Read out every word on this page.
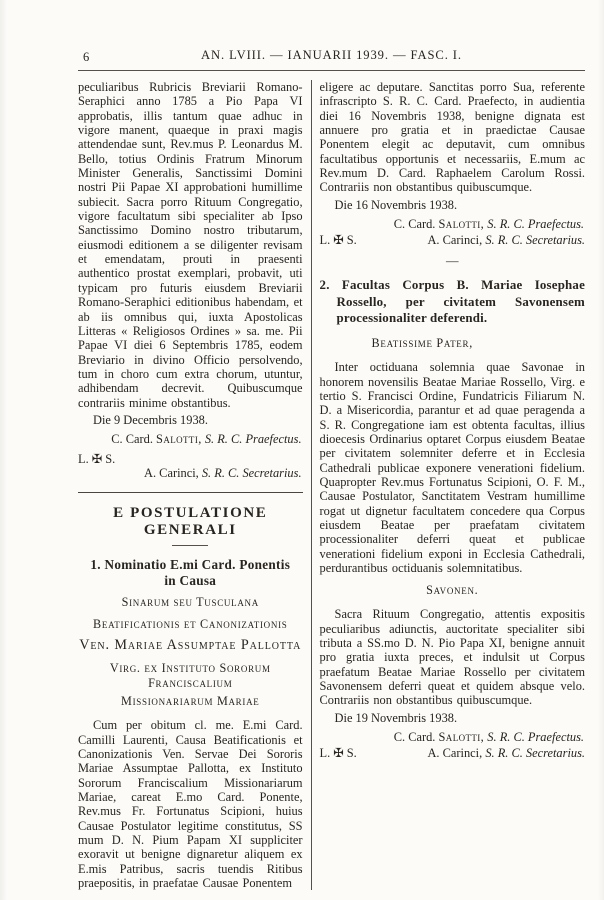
6	AN. LVIII. — IANUARII 1939. — FASC. I.

peculiaribus Rubricis Breviarii Romano-Seraphici anno 1785 a Pio Papa VI approbatis, illis tantum quae adhuc in vigore manent, quaeque in praxi magis attendendae sunt, Rev.mus P. Leonardus M. Bello, totius Ordinis Fratrum Minorum Minister Generalis, Sanctissimi Domini nostri Pii Papae XI approbationi humillime subiecit. Sacra porro Rituum Congregatio, vigore facultatum sibi specialiter ab Ipso Sanctissimo Domino nostro tributarum, eiusmodi editionem a se diligenter revisam et emendatam, prouti in praesenti authentico prostat exemplari, probavit, uti typicam pro futuris eiusdem Breviarii Romano-Seraphici editionibus habendam, et ab iis omnibus qui, iuxta Apostolicas Litteras « Religiosos Ordines » sa. me. Pii Papae VI diei 6 Septembris 1785, eodem Breviario in divino Officio persolvendo, tum in choro cum extra chorum, utuntur, adhibendam decrevit. Quibuscumque contrariis minime obstantibus.

Die 9 Decembris 1938.

C. Card. Salotti, S. R. C. Praefectus.

L. ✠ S.

A. Carinci, S. R. C. Secretarius.

E POSTULATIONE GENERALI
1. Nominatio E.mi Card. Ponentis
in Causa

Sinarum seu Tusculana

Beatificationis et Canonizationis

Ven. Mariae Assumptae Pallotta

Virg. ex Instituto Sororum Franciscalium

Missionariarum Mariae

Cum per obitum cl. me. E.mi Card. Camilli Laurenti, Causa Beatificationis et Canonizationis Ven. Servae Dei Sororis Mariae Assumptae Pallotta, ex Instituto Sororum Franciscalium Missionariarum Mariae, careat E.mo Card. Ponente, Rev.mus Fr. Fortunatus Scipioni, huius Causae Postulator legitime constitutus, SS mum D. N. Pium Papam XI suppliciter exoravit ut benigne dignaretur aliquem ex E.mis Patribus, sacris tuendis Ritibus praepositis, in praefatae Causae Ponentem

eligere ac deputare. Sanctitas porro Sua, referente infrascripto S. R. C. Card. Praefecto, in audientia diei 16 Novembris 1938, benigne dignata est annuere pro gratia et in praedictae Causae Ponentem elegit ac deputavit, cum omnibus facultatibus opportunis et necessariis, E.mum ac Rev.mum D. Card. Raphaelem Carolum Rossi. Contrariis non obstantibus quibuscumque.

Die 16 Novembris 1938.

C. Card. Salotti, S. R. C. Praefectus.

L. ✠ S.	A. Carinci, S. R. C. Secretarius.

—
2. Facultas Corpus B. Mariae Iosephae Rossello, per civitatem Savonensem processionaliter deferendi.

Beatissime Pater,

Inter octiduana solemnia quae Savonae in honorem novensilis Beatae Mariae Rossello, Virg. e tertio S. Francisci Ordine, Fundatricis Filiarum N. D. a Misericordia, parantur et ad quae peragenda a S. R. Congregatione iam est obtenta facultas, illius dioecesis Ordinarius optaret Corpus eiusdem Beatae per civitatem solemniter deferre et in Ecclesia Cathedrali publicae exponere venerationi fidelium. Quapropter Rev.mus Fortunatus Scipioni, O. F. M., Causae Postulator, Sanctitatem Vestram humillime rogat ut dignetur facultatem concedere qua Corpus eiusdem Beatae per praefatam civitatem processionaliter deferri queat et publicae venerationi fidelium exponi in Ecclesia Cathedrali, perdurantibus octiduanis solemnitatibus.

Savonen.

Sacra Rituum Congregatio, attentis expositis peculiaribus adiunctis, auctoritate specialiter sibi tributa a SS.mo D. N. Pio Papa XI, benigne annuit pro gratia iuxta preces, et indulsit ut Corpus praefatum Beatae Mariae Rossello per civitatem Savonensem deferri queat et quidem absque velo. Contrariis non obstantibus quibuscumque.

Die 19 Novembris 1938.

C. Card. Salotti, S. R. C. Praefectus.

L. ✠ S.	A. Carinci, S. R. C. Secretarius.
